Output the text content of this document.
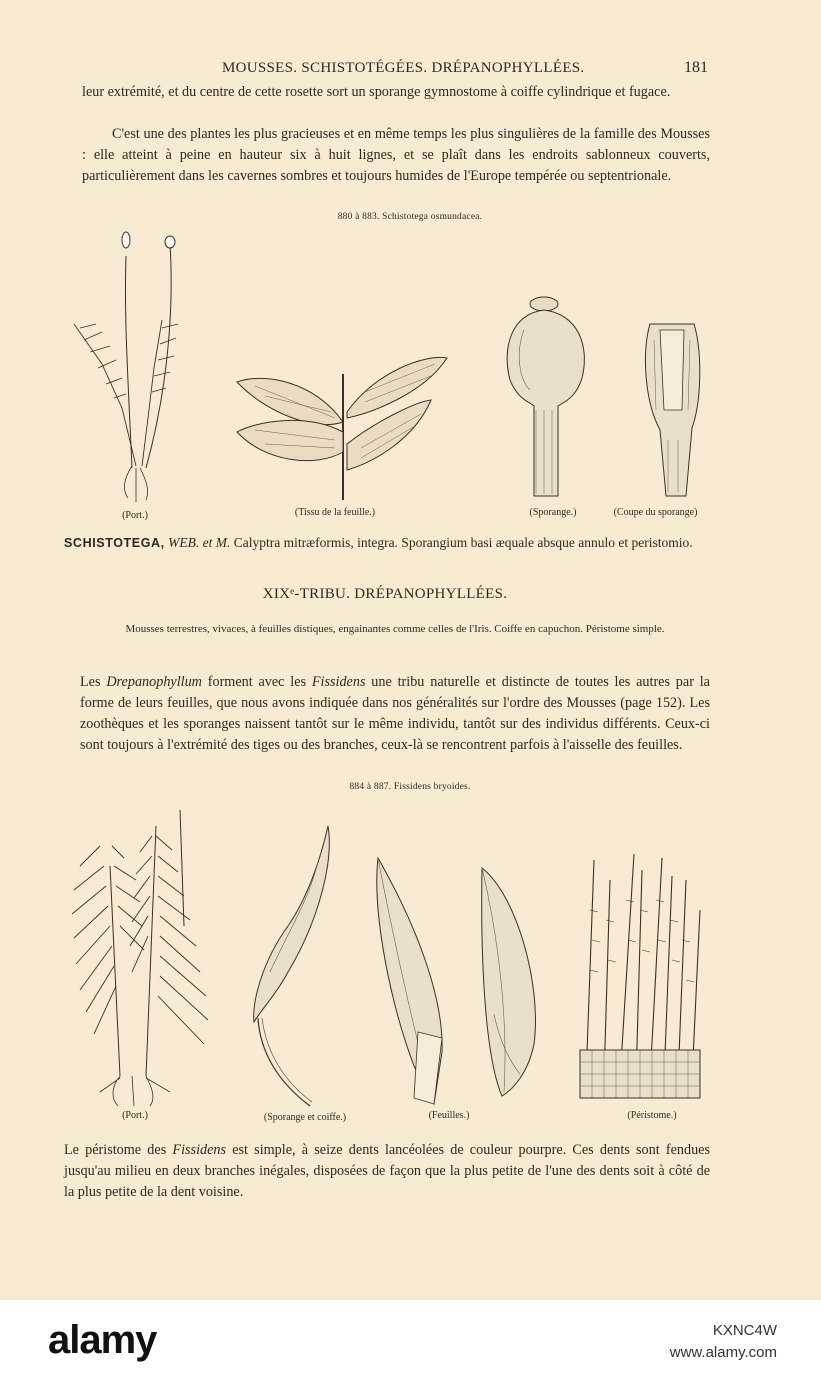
MOUSSES. SCHISTOTÉGÉES. DRÉPANOPHYLLÉES.	181

leur extrémité, et du centre de cette rosette sort un sporange gymnostome à coiffe cylindrique et fugace.

C'est une des plantes les plus gracieuses et en même temps les plus singulières de la famille des Mousses : elle atteint à peine en hauteur six à huit lignes, et se plaît dans les endroits sablonneux couverts, particulièrement dans les cavernes sombres et toujours humides de l'Europe tempérée ou septentrionale.

880 à 883. Schistotega osmundacea.
(Port.)	(Tissu de la feuille.)	(Sporange.)	(Coupe du sporange)
SCHISTOTEGA, WEB. et M. Calyptra mitræformis, integra. Sporangium basi æquale absque annulo et peristomio.
XIXᵉ-TRIBU. DRÉPANOPHYLLÉES.
Mousses terrestres, vivaces, à feuilles distiques, engainantes comme celles de l'Iris. Coiffe en capuchon. Péristome simple.

Les Drepanophyllum forment avec les Fissidens une tribu naturelle et distincte de toutes les autres par la forme de leurs feuilles, que nous avons indiquée dans nos généralités sur l'ordre des Mousses (page 152). Les zoothèques et les sporanges naissent tantôt sur le même individu, tantôt sur des individus différents. Ceux-ci sont toujours à l'extrémité des tiges ou des branches, ceux-là se rencontrent parfois à l'aisselle des feuilles.

884 à 887. Fissidens bryoides.
(Port.)	(Sporange et coiffe.)	(Feuilles.)	(Péristome.)

Le péristome des Fissidens est simple, à seize dents lancéolées de couleur pourpre. Ces dents sont fendues jusqu'au milieu en deux branches inégales, disposées de façon que la plus petite de l'une des dents soit à côté de la plus petite de la dent voisine.

alamy	KXNC4W
www.alamy.com
